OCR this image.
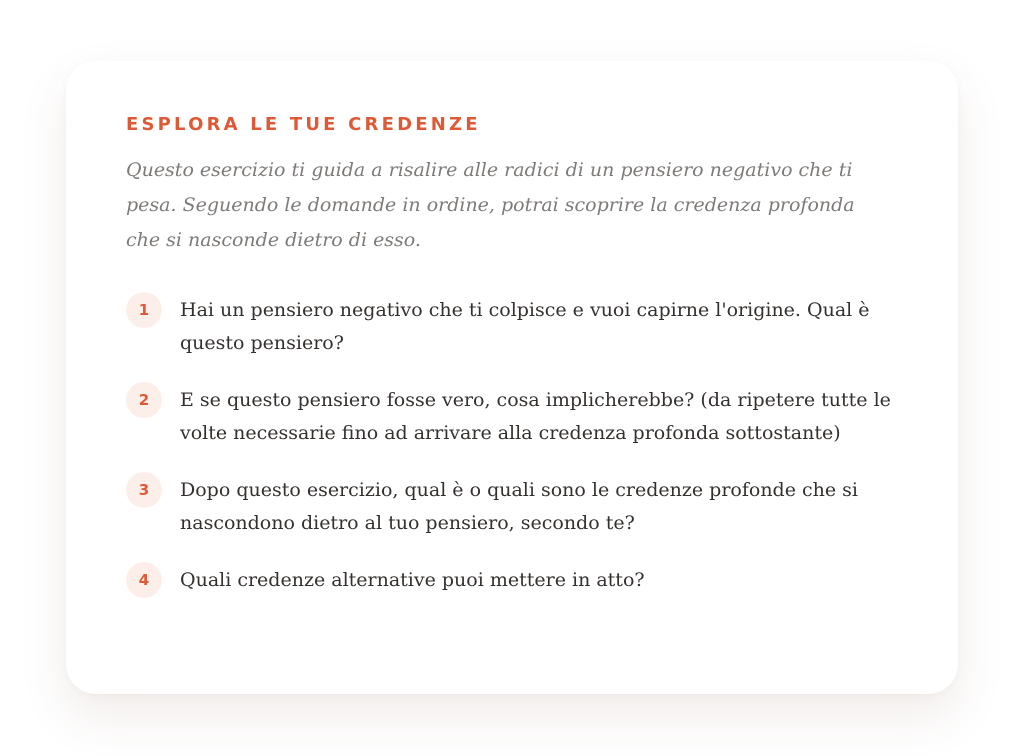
ESPLORA LE TUE CREDENZE

Questo esercizio ti guida a risalire alle radici di un pensiero negativo che ti pesa. Seguendo le domande in ordine, potrai scoprire la credenza profonda che si nasconde dietro di esso.

1	Hai un pensiero negativo che ti colpisce e vuoi capirne l'origine. Qual è questo pensiero?
2	E se questo pensiero fosse vero, cosa implicherebbe? (da ripetere tutte le volte necessarie fino ad arrivare alla credenza profonda sottostante)
3	Dopo questo esercizio, qual è o quali sono le credenze profonde che si nascondono dietro al tuo pensiero, secondo te?
4	Quali credenze alternative puoi mettere in atto?
